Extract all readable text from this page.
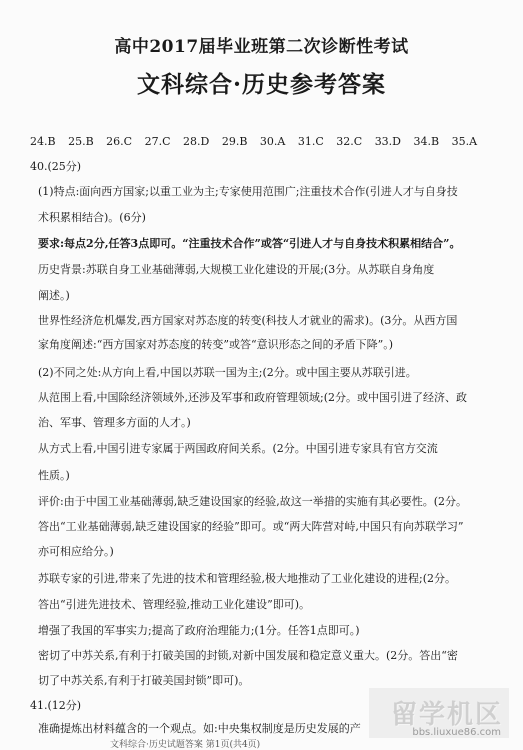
高中2017届毕业班第二次诊断性考试
文科综合·历史参考答案
24.B 25.B 26.C 27.C 28.D 29.B 30.A 31.C 32.C 33.D 34.B 35.A
40.(25分)
(1)特点:面向西方国家;以重工业为主;专家使用范围广;注重技术合作(引进人才与自身技
术积累相结合)。(6分)
要求:每点2分,任答3点即可。“注重技术合作”或答“引进人才与自身技术积累相结合”。
历史背景:苏联自身工业基础薄弱,大规模工业化建设的开展;(3分。从苏联自身角度
阐述。)
世界性经济危机爆发,西方国家对苏态度的转变(科技人才就业的需求)。(3分。从西方国
家角度阐述:“西方国家对苏态度的转变”或答“意识形态之间的矛盾下降”。)
(2)不同之处:从方向上看,中国以苏联一国为主;(2分。或中国主要从苏联引进。
从范围上看,中国除经济领域外,还涉及军事和政府管理领域;(2分。或中国引进了经济、政
治、军事、管理多方面的人才。)
从方式上看,中国引进专家属于两国政府间关系。(2分。中国引进专家具有官方交流
性质。)
评价:由于中国工业基础薄弱,缺乏建设国家的经验,故这一举措的实施有其必要性。(2分。
答出“工业基础薄弱,缺乏建设国家的经验”即可。或“两大阵营对峙,中国只有向苏联学习”
亦可相应给分。)
苏联专家的引进,带来了先进的技术和管理经验,极大地推动了工业化建设的进程;(2分。
答出“引进先进技术、管理经验,推动工业化建设”即可)。
增强了我国的军事实力;提高了政府治理能力;(1分。任答1点即可。)
密切了中苏关系,有利于打破美国的封锁,对新中国发展和稳定意义重大。(2分。答出“密
切了中苏关系,有利于打破美国封锁”即可)。
41.(12分)
准确提炼出材料蕴含的一个观点。如:中央集权制度是历史发展的产
文科综合·历史试题答案 第1页(共4页)
留学机区
bbs.liuxue86.com
